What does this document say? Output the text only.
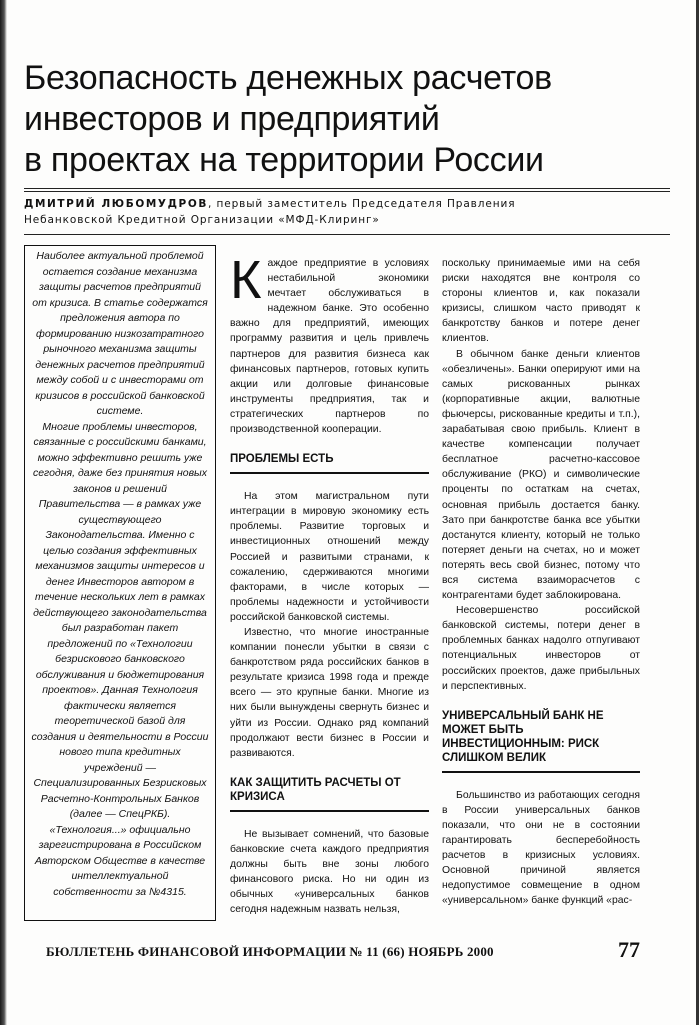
Безопасность денежных расчетов
инвесторов и предприятий
в проектах на территории России
ДМИТРИЙ ЛЮБОМУДРОВ, первый заместитель Председателя Правления
Небанковской Кредитной Организации «МФД-Клиринг»

Наиболее актуальной проблемой остается создание механизма защиты расчетов предприятий от кризиса. В статье содержатся предложения автора по формированию низкозатратного рыночного механизма защиты денежных расчетов предприятий между собой и с инвесторами от кризисов в российской банковской системе.

Многие проблемы инвесторов, связанные с российскими банками, можно эффективно решить уже сегодня, даже без принятия новых законов и решений Правительства — в рамках уже существующего Законодательства. Именно с целью создания эффективных механизмов защиты интересов и денег Инвесторов автором в течение нескольких лет в рамках действующего законодательства был разработан пакет предложений по «Технологии безрискового банковского обслуживания и бюджетирования проектов». Данная Технология фактически является теоретической базой для создания и деятельности в России нового типа кредитных учреждений — Специализированных Безрисковых Расчетно-Контрольных Банков (далее — СпецРКБ). «Технология...» официально зарегистрирована в Российском Авторском Обществе в качестве интеллектуальной собственности за №4315.

Каждое предприятие в условиях нестабильной экономики мечтает обслуживаться в надежном банке. Это особенно важно для предприятий, имеющих программу развития и цель привлечь партнеров для развития бизнеса как финансовых партнеров, готовых купить акции или долговые финансовые инструменты предприятия, так и стратегических партнеров по производственной кооперации.

ПРОБЛЕМЫ ЕСТЬ

На этом магистральном пути интеграции в мировую экономику есть проблемы. Развитие торговых и инвестиционных отношений между Россией и развитыми странами, к сожалению, сдерживаются многими факторами, в числе которых — проблемы надежности и устойчивости российской банковской системы.

Известно, что многие иностранные компании понесли убытки в связи с банкротством ряда российских банков в результате кризиса 1998 года и прежде всего — это крупные банки. Многие из них были вынуждены свернуть бизнес и уйти из России. Однако ряд компаний продолжают вести бизнес в России и развиваются.

КАК ЗАЩИТИТЬ РАСЧЕТЫ ОТ КРИЗИСА

Не вызывает сомнений, что базовые банковские счета каждого предприятия должны быть вне зоны любого финансового риска. Но ни один из обычных «универсальных банков сегодня надежным назвать нельзя,

поскольку принимаемые ими на себя риски находятся вне контроля со стороны клиентов и, как показали кризисы, слишком часто приводят к банкротству банков и потере денег клиентов.

В обычном банке деньги клиентов «обезличены». Банки оперируют ими на самых рискованных рынках (корпоративные акции, валютные фьючерсы, рискованные кредиты и т.п.), зарабатывая свою прибыль. Клиент в качестве компенсации получает бесплатное расчетно-кассовое обслуживание (РКО) и символические проценты по остаткам на счетах, основная прибыль достается банку. Зато при банкротстве банка все убытки достанутся клиенту, который не только потеряет деньги на счетах, но и может потерять весь свой бизнес, потому что вся система взаиморасчетов с контрагентами будет заблокирована.

Несовершенство российской банковской системы, потери денег в проблемных банках надолго отпугивают потенциальных инвесторов от российских проектов, даже прибыльных и перспективных.

УНИВЕРСАЛЬНЫЙ БАНК НЕ МОЖЕТ БЫТЬ ИНВЕСТИЦИОННЫМ: РИСК СЛИШКОМ ВЕЛИК

Большинство из работающих сегодня в России универсальных банков показали, что они не в состоянии гарантировать бесперебойность расчетов в кризисных условиях. Основной причиной является недопустимое совмещение в одном «универсальном» банке функций «рас-

БЮЛЛЕТЕНЬ ФИНАНСОВОЙ ИНФОРМАЦИИ № 11 (66) НОЯБРЬ 2000	77
